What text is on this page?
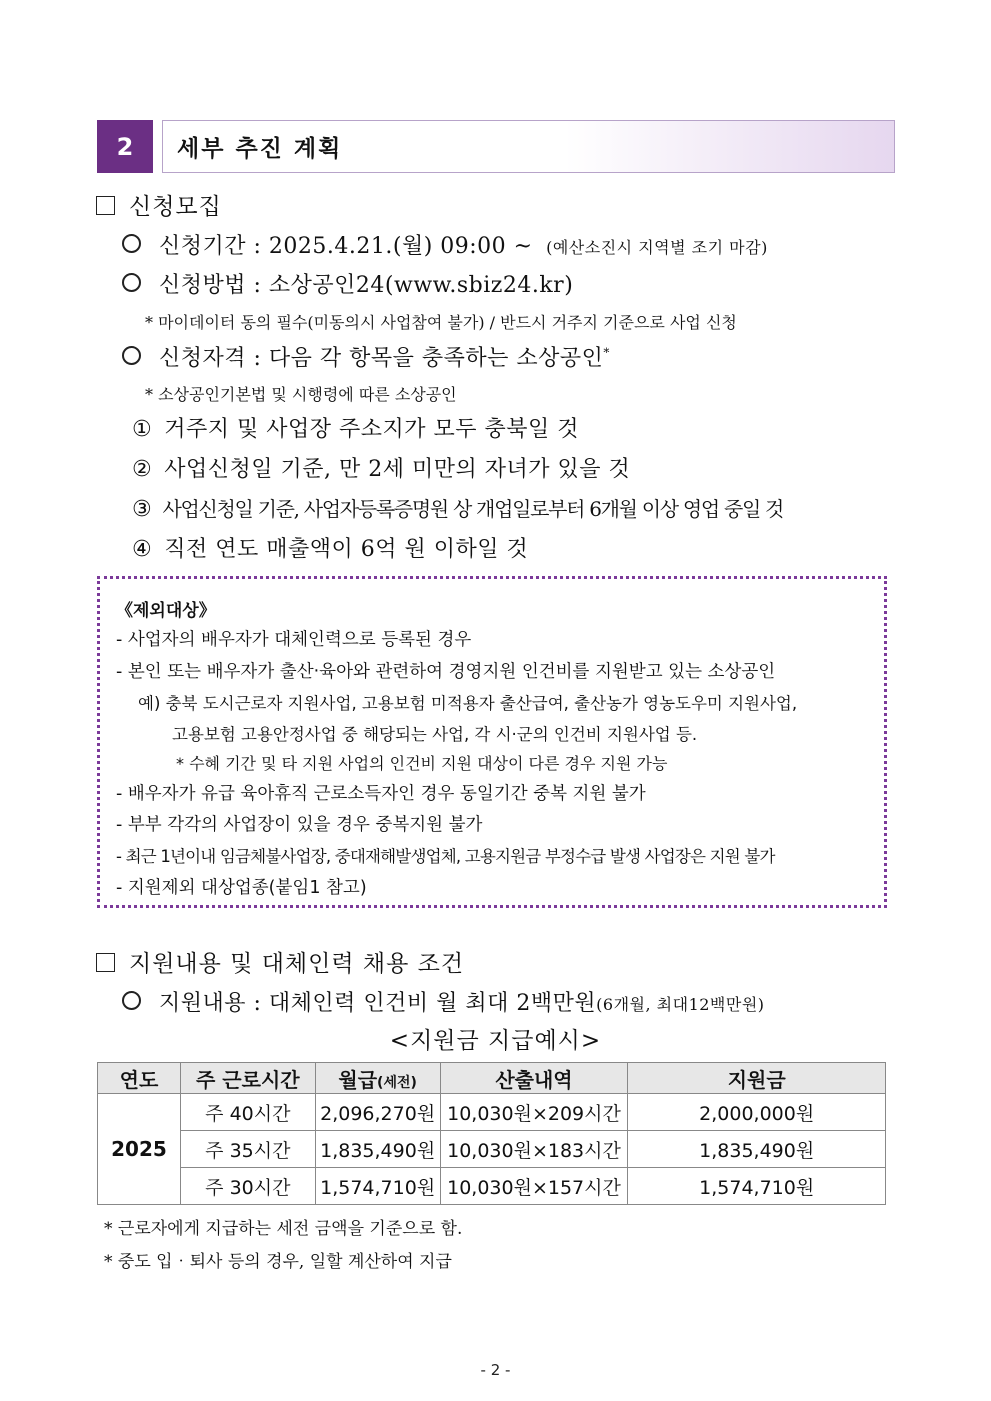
2	세부 추진 계획
신청모집
신청기간 : 2025.4.21.(월) 09:00 ~ (예산소진시 지역별 조기 마감)
신청방법 : 소상공인24(www.sbiz24.kr)
* 마이데이터 동의 필수(미동의시 사업참여 불가) / 반드시 거주지 기준으로 사업 신청
신청자격 : 다음 각 항목을 충족하는 소상공인*
* 소상공인기본법 및 시행령에 따른 소상공인
① 거주지 및 사업장 주소지가 모두 충북일 것
② 사업신청일 기준, 만 2세 미만의 자녀가 있을 것
③ 사업신청일 기준, 사업자등록증명원 상 개업일로부터 6개월 이상 영업 중일 것
④ 직전 연도 매출액이 6억 원 이하일 것
《제외대상》
- 사업자의 배우자가 대체인력으로 등록된 경우
- 본인 또는 배우자가 출산‧육아와 관련하여 경영지원 인건비를 지원받고 있는 소상공인
예) 충북 도시근로자 지원사업, 고용보험 미적용자 출산급여, 출산농가 영농도우미 지원사업,
고용보험 고용안정사업 중 해당되는 사업, 각 시‧군의 인건비 지원사업 등.
* 수혜 기간 및 타 지원 사업의 인건비 지원 대상이 다른 경우 지원 가능
- 배우자가 유급 육아휴직 근로소득자인 경우 동일기간 중복 지원 불가
- 부부 각각의 사업장이 있을 경우 중복지원 불가
- 최근 1년이내 임금체불사업장, 중대재해발생업체, 고용지원금 부정수급 발생 사업장은 지원 불가
- 지원제외 대상업종(붙임1 참고)
지원내용 및 대체인력 채용 조건
지원내용 : 대체인력 인건비 월 최대 2백만원(6개월, 최대12백만원)
<지원금 지급예시>
연도	주 근로시간	월급(세전)	산출내역	지원금
2025	주 40시간	2,096,270원	10,030원×209시간	2,000,000원
	주 35시간	1,835,490원	10,030원×183시간	1,835,490원
	주 30시간	1,574,710원	10,030원×157시간	1,574,710원
* 근로자에게 지급하는 세전 금액을 기준으로 함.
* 중도 입‧퇴사 등의 경우, 일할 계산하여 지급
- 2 -
